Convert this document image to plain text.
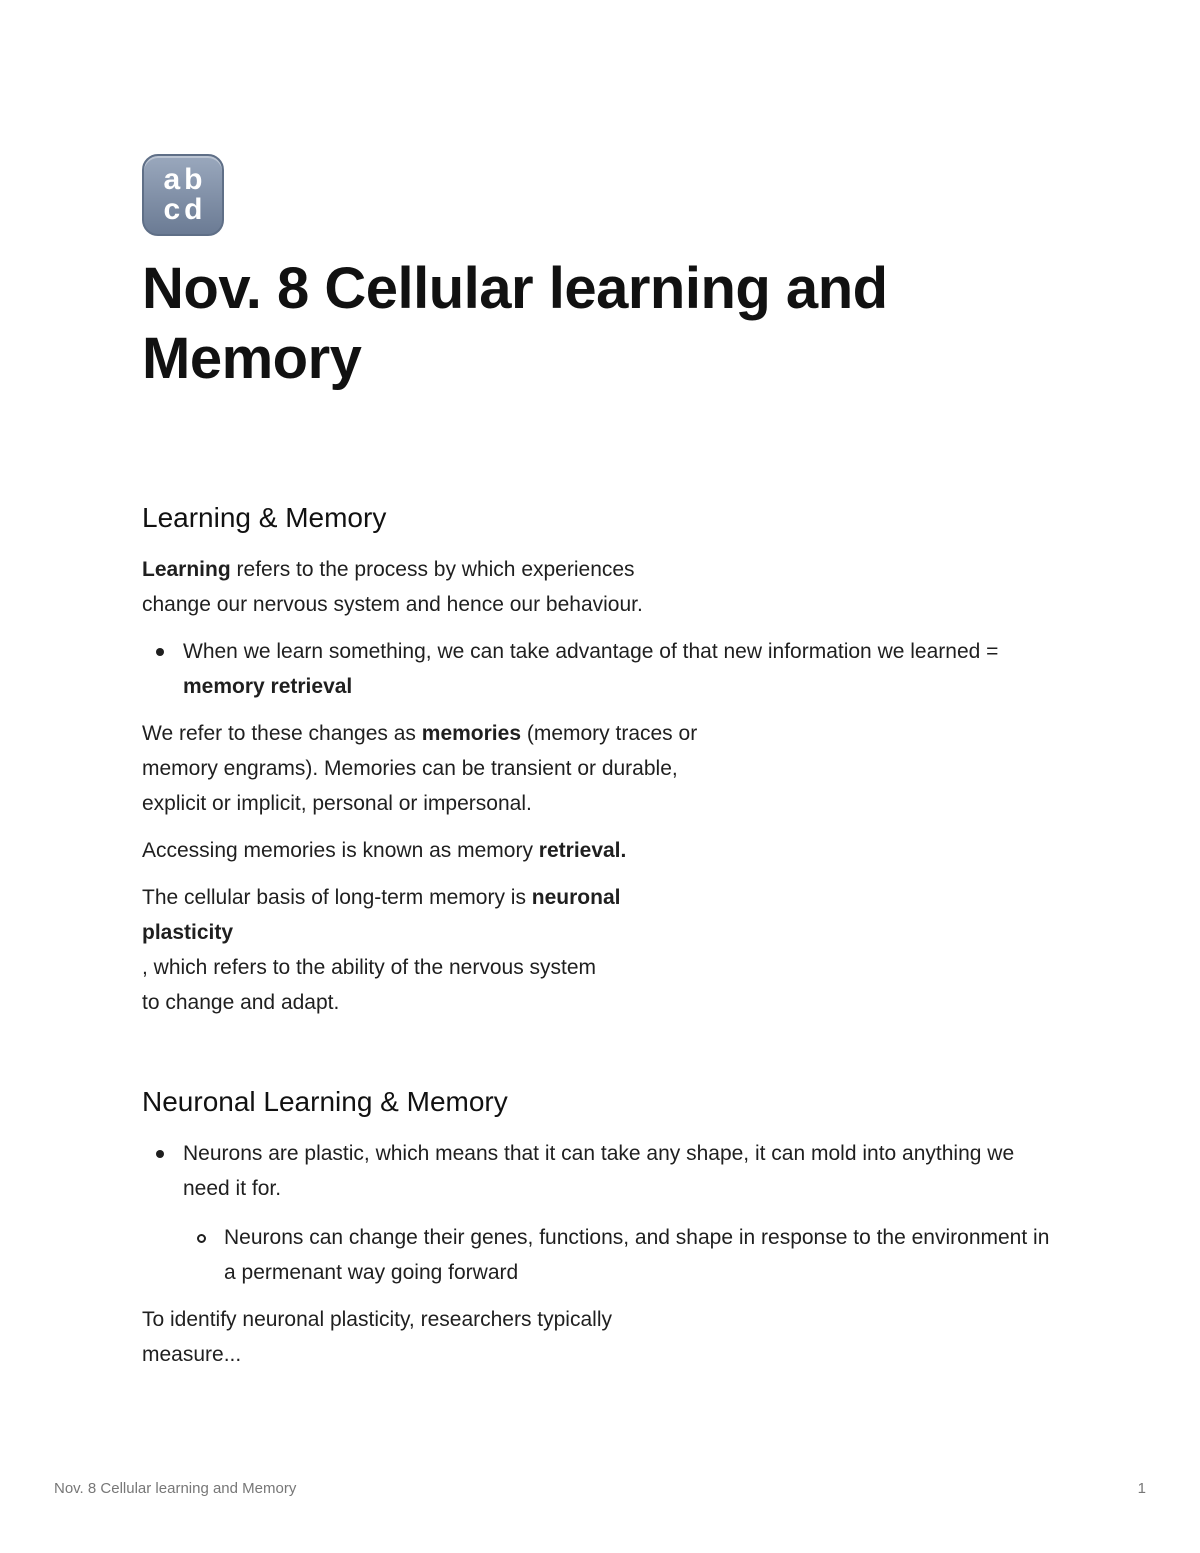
ab
cd
Nov. 8 Cellular learning and Memory
Learning & Memory

Learning refers to the process by which experiences
change our nervous system and hence our behaviour.

When we learn something, we can take advantage of that new information we learned = memory retrieval

We refer to these changes as memories (memory traces or
memory engrams). Memories can be transient or durable,
explicit or implicit, personal or impersonal.

Accessing memories is known as memory retrieval.

The cellular basis of long-term memory is neuronal
plasticity
, which refers to the ability of the nervous system
to change and adapt.

Neuronal Learning & Memory
Neurons are plastic, which means that it can take any shape, it can mold into anything we need it for.
Neurons can change their genes, functions, and shape in response to the environment in a permenant way going forward

To identify neuronal plasticity, researchers typically
measure...

Nov. 8 Cellular learning and Memory	1
